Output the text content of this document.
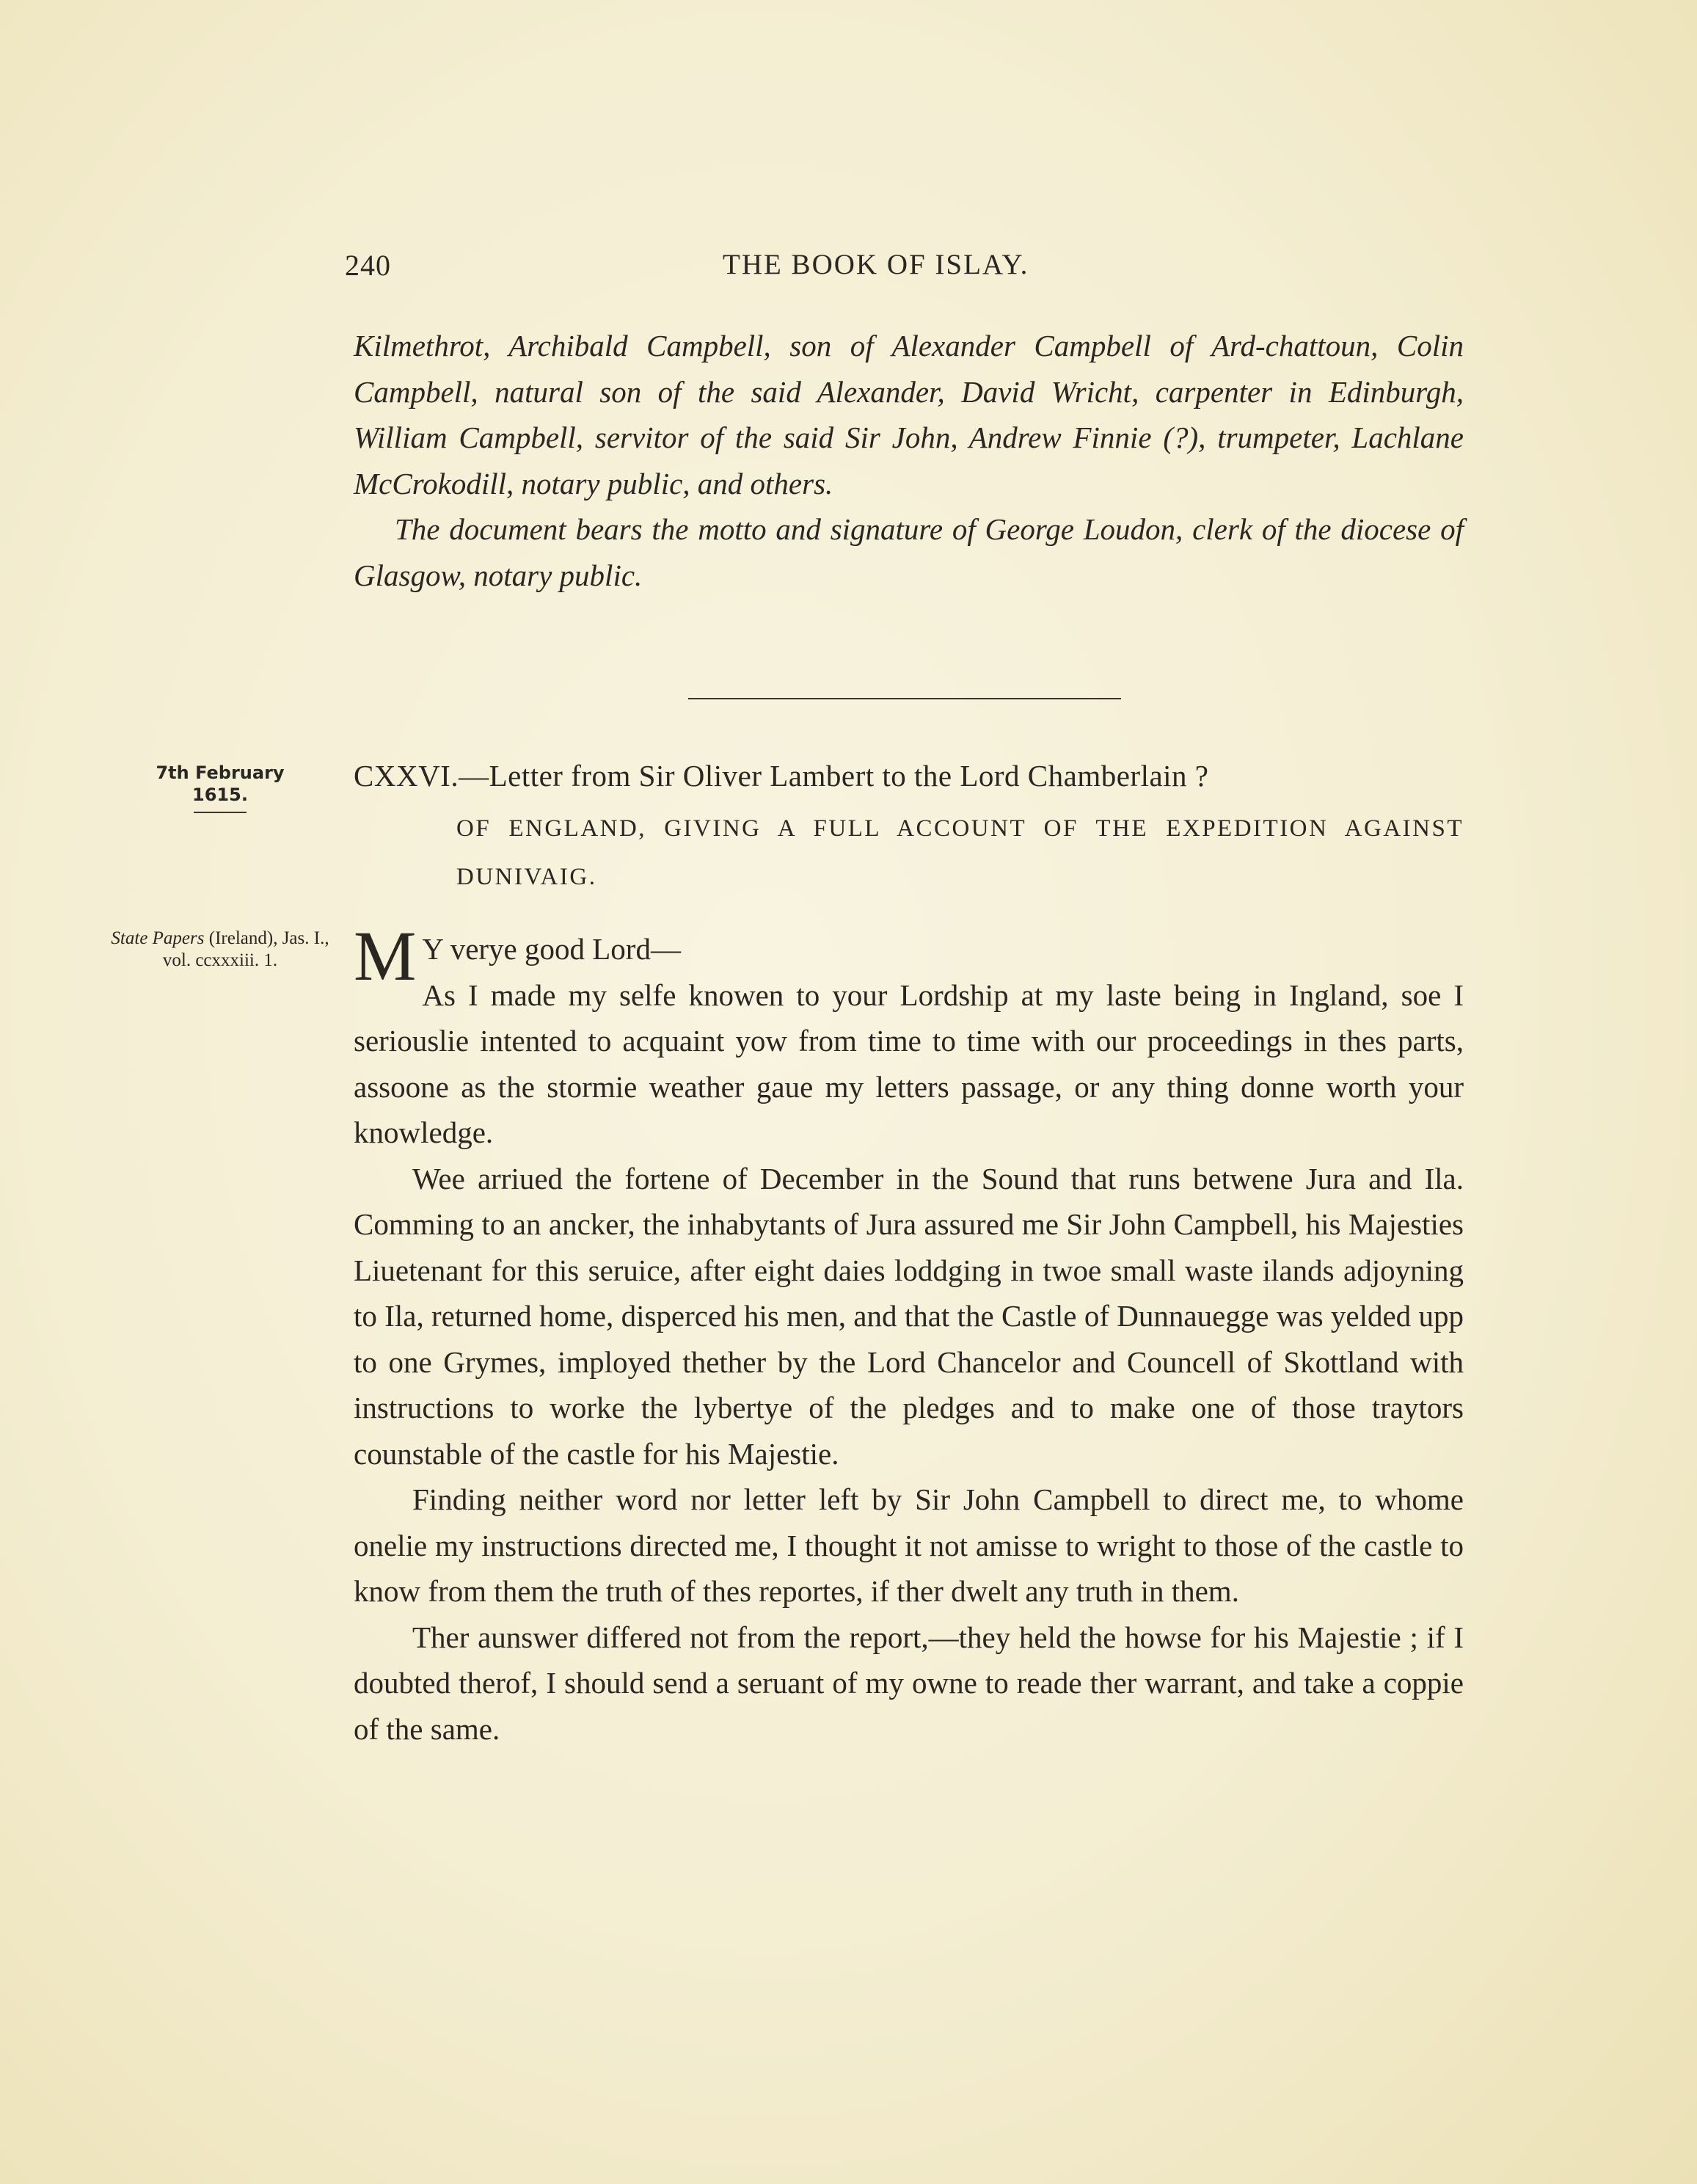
240	THE BOOK OF ISLAY.

Kilmethrot, Archibald Campbell, son of Alexander Campbell of Ard-chattoun, Colin Campbell, natural son of the said Alexander, David Wricht, carpenter in Edinburgh, William Campbell, servitor of the said Sir John, Andrew Finnie (?), trumpeter, Lachlane McCrokodill, notary public, and others.

The document bears the motto and signature of George Loudon, clerk of the diocese of Glasgow, notary public.

7th February
1615.
CXXVI.—Letter from Sir Oliver Lambert to the Lord Chamberlain ?
OF ENGLAND, GIVING A FULL ACCOUNT OF THE EXPEDITION AGAINST DUNIVAIG.
State Papers (Ireland), Jas. I., vol. ccxxxiii. 1.	M Y verye good Lord—
As I made my selfe knowen to your Lordship at my laste being in Ingland, soe I seriouslie intented to acquaint yow from time to time with our proceedings in thes parts, assoone as the stormie weather gaue my letters passage, or any thing donne worth your knowledge.

Wee arriued the fortene of December in the Sound that runs betwene Jura and Ila. Comming to an ancker, the inhabytants of Jura assured me Sir John Campbell, his Majesties Liuetenant for this seruice, after eight daies loddging in twoe small waste ilands adjoyning to Ila, returned home, disperced his men, and that the Castle of Dunnauegge was yelded upp to one Grymes, imployed thether by the Lord Chancelor and Councell of Skottland with instructions to worke the lybertye of the pledges and to make one of those traytors counstable of the castle for his Majestie.

Finding neither word nor letter left by Sir John Campbell to direct me, to whome onelie my instructions directed me, I thought it not amisse to wright to those of the castle to know from them the truth of thes reportes, if ther dwelt any truth in them.

Ther aunswer differed not from the report,—they held the howse for his Majestie ; if I doubted therof, I should send a seruant of my owne to reade ther warrant, and take a coppie of the same.
